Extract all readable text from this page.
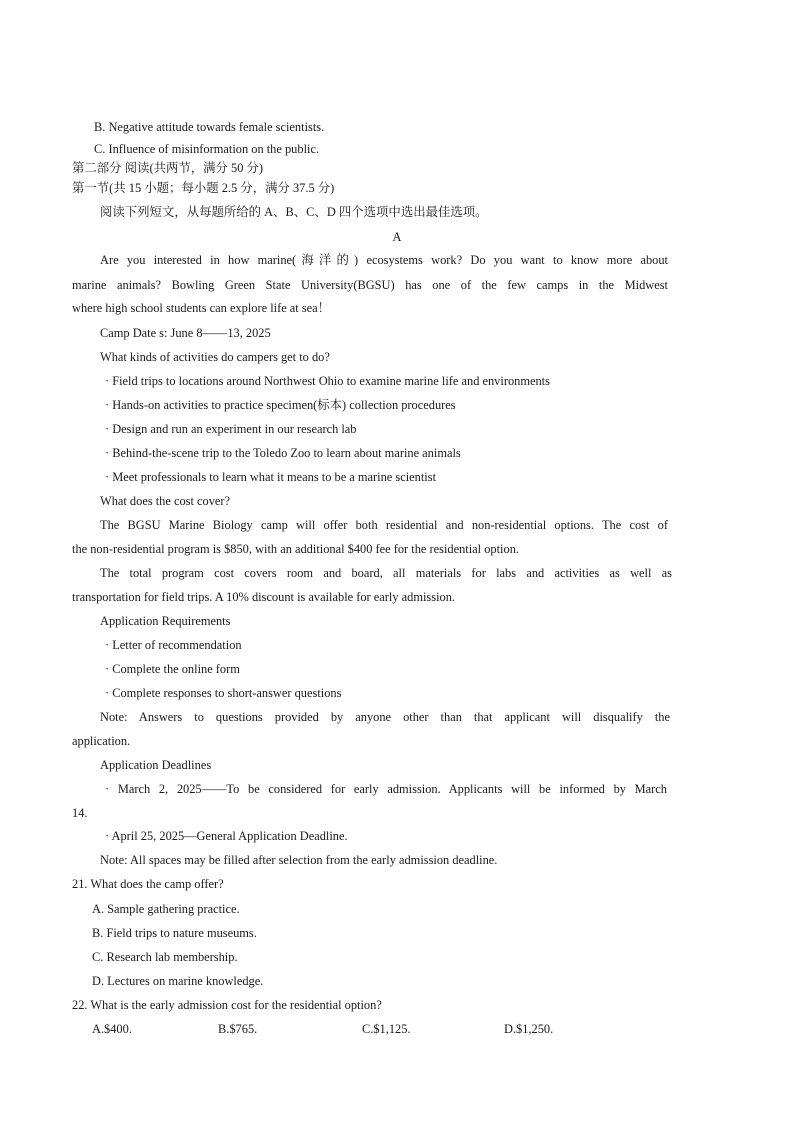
B. Negative attitude towards female scientists.
C. Influence of misinformation on the public.
第二部分 阅读(共两节，满分 50 分)
第一节(共 15 小题；每小题 2.5 分，满分 37.5 分)
阅读下列短文，从每题所给的 A、B、C、D 四个选项中选出最佳选项。
A
Are you interested in how marine(海洋的) ecosystems work? Do you want to know more about
marine animals? Bowling Green State University(BGSU) has one of the few camps in the Midwest
where high school students can explore life at sea！
Camp Date s: June 8——13, 2025
What kinds of activities do campers get to do?
· Field trips to locations around Northwest Ohio to examine marine life and environments
· Hands-on activities to practice specimen(标本) collection procedures
· Design and run an experiment in our research lab
· Behind-the-scene trip to the Toledo Zoo to learn about marine animals
· Meet professionals to learn what it means to be a marine scientist
What does the cost cover?
The BGSU Marine Biology camp will offer both residential and non-residential options. The cost of
the non-residential program is $850, with an additional $400 fee for the residential option.
The total program cost covers room and board, all materials for labs and activities as well as
transportation for field trips. A 10% discount is available for early admission.
Application Requirements
· Letter of recommendation
· Complete the online form
· Complete responses to short-answer questions
Note: Answers to questions provided by anyone other than that applicant will disqualify the
application.
Application Deadlines
· March 2, 2025——To be considered for early admission. Applicants will be informed by March
14.
· April 25, 2025—General Application Deadline.
Note: All spaces may be filled after selection from the early admission deadline.
21. What does the camp offer?
A. Sample gathering practice.
B. Field trips to nature museums.
C. Research lab membership.
D. Lectures on marine knowledge.
22. What is the early admission cost for the residential option?
A.$400.	B.$765.	C.$1,125.	D.$1,250.
